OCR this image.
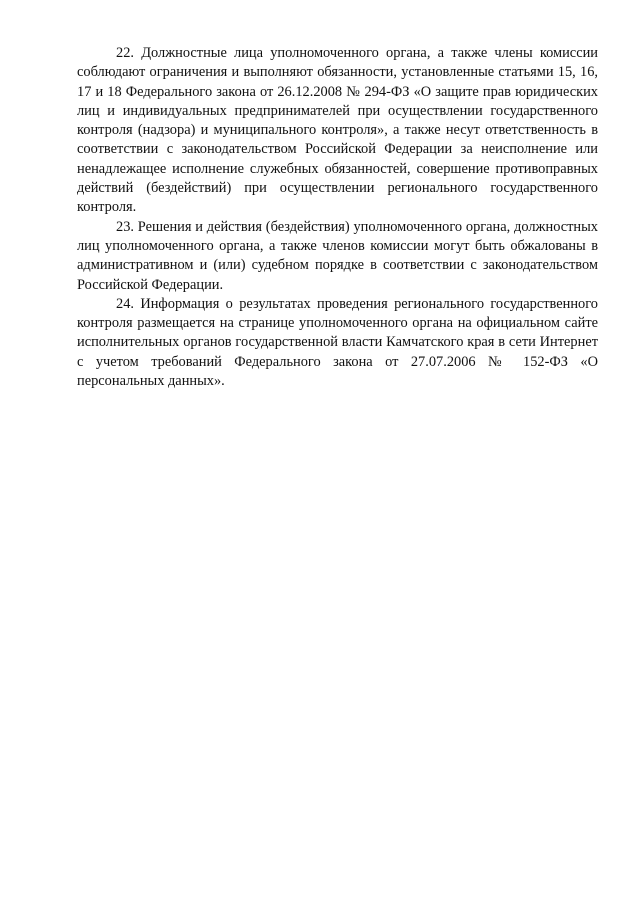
22. Должностные лица уполномоченного органа, а также члены комиссии соблюдают ограничения и выполняют обязанности, установленные статьями 15, 16, 17 и 18 Федерального закона от 26.12.2008 № 294-ФЗ «О защите прав юридических лиц и индивидуальных предпринимателей при осуществлении государственного контроля (надзора) и муниципального контроля», а также несут ответственность в соответствии с законодательством Российской Федерации за неисполнение или ненадлежащее исполнение служебных обязанностей, совершение противоправных действий (бездействий) при осуществлении регионального государственного контроля.

23. Решения и действия (бездействия) уполномоченного органа, должностных лиц уполномоченного органа, а также членов комиссии могут быть обжалованы в административном и (или) судебном порядке в соответствии с законодательством Российской Федерации.

24. Информация о результатах проведения регионального государственного контроля размещается на странице уполномоченного органа на официальном сайте исполнительных органов государственной власти Камчатского края в сети Интернет с учетом требований Федерального закона от 27.07.2006 № 152-ФЗ «О персональных данных».
